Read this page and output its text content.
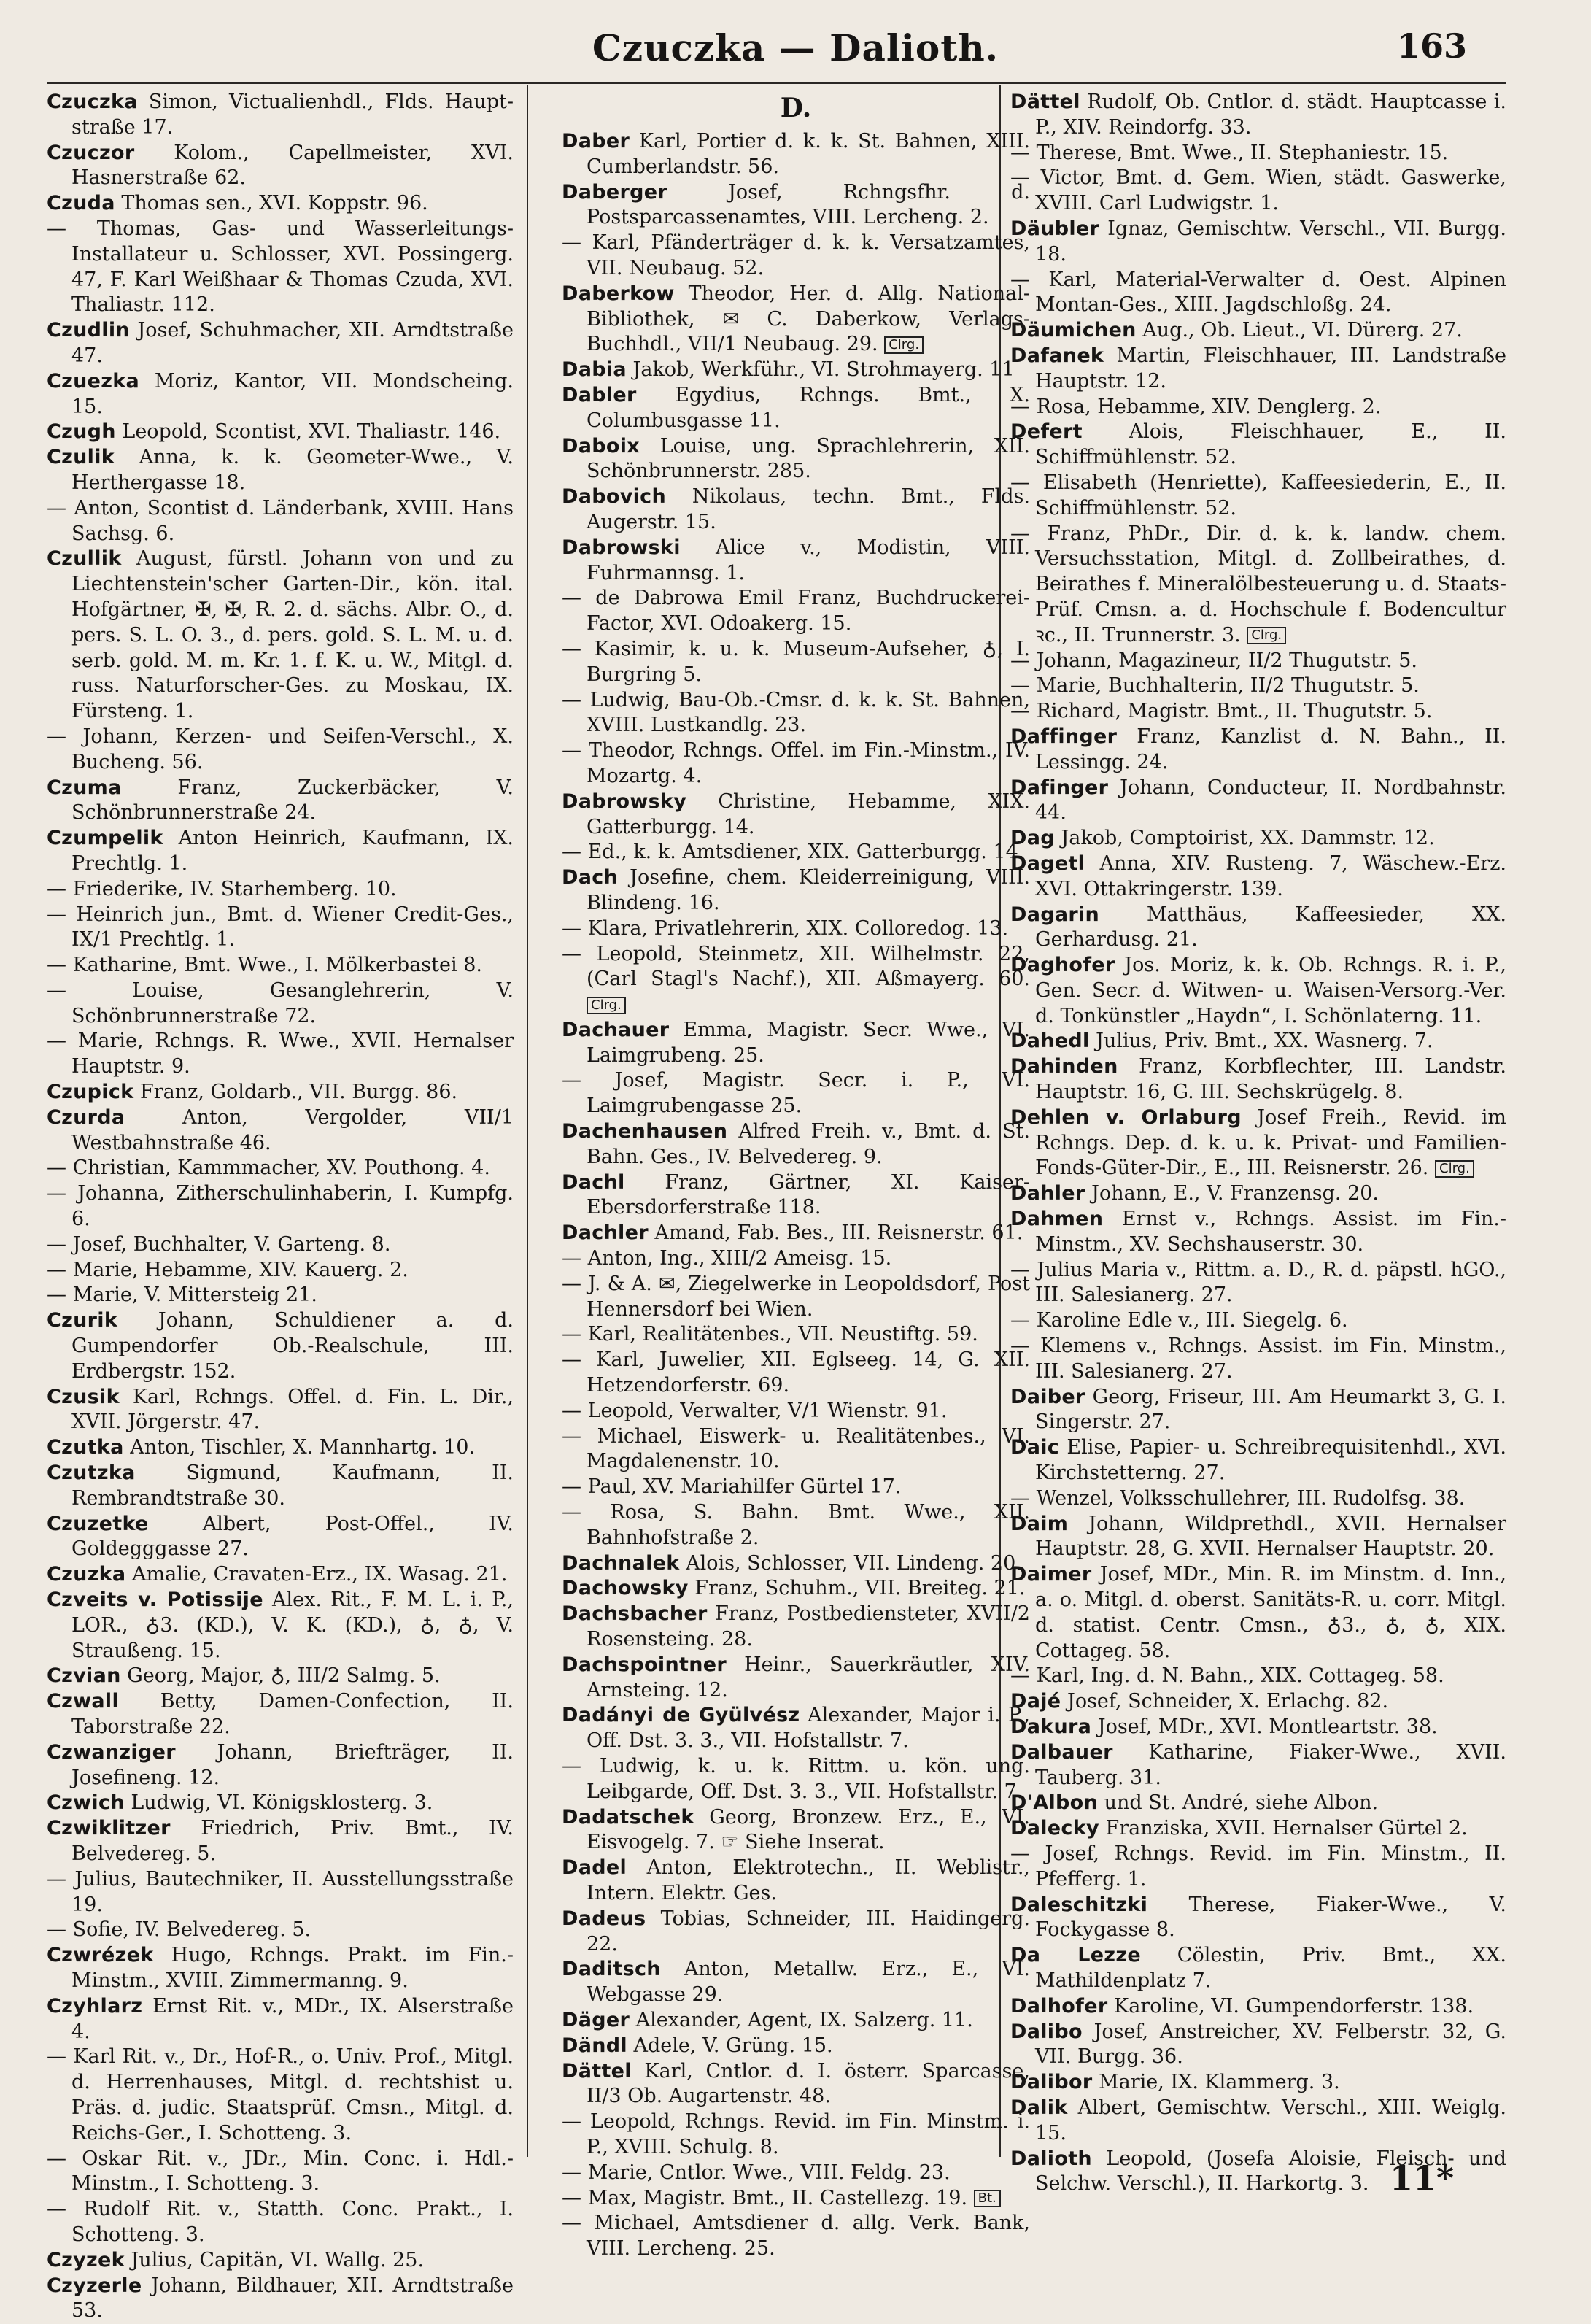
Czuczka — Dalioth.	163
Czuczka Simon, Victualienhdl., Flds. Haupt-straße 17.
Czuczor Kolom., Capellmeister, XVI. Hasnerstraße 62.
Czuda Thomas sen., XVI. Koppstr. 96.
— Thomas, Gas- und Wasserleitungs-Installateur u. Schlosser, XVI. Possingerg. 47, F. Karl Weißhaar & Thomas Czuda, XVI. Thaliastr. 112.
Czudlin Josef, Schuhmacher, XII. Arndtstraße 47.
Czuezka Moriz, Kantor, VII. Mondscheing. 15.
Czugh Leopold, Scontist, XVI. Thaliastr. 146.
Czulik Anna, k. k. Geometer-Wwe., V. Herthergasse 18.
— Anton, Scontist d. Länderbank, XVIII. Hans Sachsg. 6.
Czullik August, fürstl. Johann von und zu Liechtenstein'scher Garten-Dir., kön. ital. Hofgärtner, ✠, ✠, R. 2. d. sächs. Albr. O., d. pers. S. L. O. 3., d. pers. gold. S. L. M. u. d. serb. gold. M. m. Kr. 1. f. K. u. W., Mitgl. d. russ. Naturforscher-Ges. zu Moskau, IX. Fürsteng. 1.
— Johann, Kerzen- und Seifen-Verschl., X. Bucheng. 56.
Czuma Franz, Zuckerbäcker, V. Schönbrunnerstraße 24.
Czumpelik Anton Heinrich, Kaufmann, IX. Prechtlg. 1.
— Friederike, IV. Starhemberg. 10.
— Heinrich jun., Bmt. d. Wiener Credit-Ges., IX/1 Prechtlg. 1.
— Katharine, Bmt. Wwe., I. Mölkerbastei 8.
— Louise, Gesanglehrerin, V. Schönbrunnerstraße 72.
— Marie, Rchngs. R. Wwe., XVII. Hernalser Hauptstr. 9.
Czupick Franz, Goldarb., VII. Burgg. 86.
Czurda Anton, Vergolder, VII/1 Westbahnstraße 46.
— Christian, Kammmacher, XV. Pouthong. 4.
— Johanna, Zitherschulinhaberin, I. Kumpfg. 6.
— Josef, Buchhalter, V. Garteng. 8.
— Marie, Hebamme, XIV. Kauerg. 2.
— Marie, V. Mittersteig 21.
Czurik Johann, Schuldiener a. d. Gumpendorfer Ob.-Realschule, III. Erdbergstr. 152.
Czusik Karl, Rchngs. Offel. d. Fin. L. Dir., XVII. Jörgerstr. 47.
Czutka Anton, Tischler, X. Mannhartg. 10.
Czutzka Sigmund, Kaufmann, II. Rembrandtstraße 30.
Czuzetke Albert, Post-Offel., IV. Goldegggasse 27.
Czuzka Amalie, Cravaten-Erz., IX. Wasag. 21.
Czveits v. Potissije Alex. Rit., F. M. L. i. P., LOR., ♁3. (KD.), V. K. (KD.), ♁, ♁, V. Straußeng. 15.
Czvian Georg, Major, ♁, III/2 Salmg. 5.
Czwall Betty, Damen-Confection, II. Taborstraße 22.
Czwanziger Johann, Briefträger, II. Josefineng. 12.
Czwich Ludwig, VI. Königsklosterg. 3.
Czwiklitzer Friedrich, Priv. Bmt., IV. Belvedereg. 5.
— Julius, Bautechniker, II. Ausstellungsstraße 19.
— Sofie, IV. Belvedereg. 5.
Czwrézek Hugo, Rchngs. Prakt. im Fin.-Minstm., XVIII. Zimmermanng. 9.
Czyhlarz Ernst Rit. v., MDr., IX. Alserstraße 4.
— Karl Rit. v., Dr., Hof-R., o. Univ. Prof., Mitgl. d. Herrenhauses, Mitgl. d. rechtshist u. Präs. d. judic. Staatsprüf. Cmsn., Mitgl. d. Reichs-Ger., I. Schotteng. 3.
— Oskar Rit. v., JDr., Min. Conc. i. Hdl.-Minstm., I. Schotteng. 3.
— Rudolf Rit. v., Statth. Conc. Prakt., I. Schotteng. 3.
Czyzek Julius, Capitän, VI. Wallg. 25.
Czyzerle Johann, Bildhauer, XII. Arndtstraße 53.
D.
Daber Karl, Portier d. k. k. St. Bahnen, XIII. Cumberlandstr. 56.
Daberger Josef, Rchngsfhr. d. Postsparcassenamtes, VIII. Lercheng. 2.
— Karl, Pfänderträger d. k. k. Versatzamtes, VII. Neubaug. 52.
Daberkow Theodor, Her. d. Allg. National-Bibliothek, ✉ C. Daberkow, Verlags-Buchhdl., VII/1 Neubaug. 29. Clrg.
Dabia Jakob, Werkführ., VI. Strohmayerg. 11
Dabler Egydius, Rchngs. Bmt., X. Columbusgasse 11.
Daboix Louise, ung. Sprachlehrerin, XII. Schönbrunnerstr. 285.
Dabovich Nikolaus, techn. Bmt., Flds. Augerstr. 15.
Dabrowski Alice v., Modistin, VIII. Fuhrmannsg. 1.
— de Dabrowa Emil Franz, Buchdruckerei-Factor, XVI. Odoakerg. 15.
— Kasimir, k. u. k. Museum-Aufseher, ♁, I. Burgring 5.
— Ludwig, Bau-Ob.-Cmsr. d. k. k. St. Bahnen, XVIII. Lustkandlg. 23.
— Theodor, Rchngs. Offel. im Fin.-Minstm., IV. Mozartg. 4.
Dabrowsky Christine, Hebamme, XIX. Gatterburgg. 14.
— Ed., k. k. Amtsdiener, XIX. Gatterburgg. 14.
Dach Josefine, chem. Kleiderreinigung, VIII. Blindeng. 16.
— Klara, Privatlehrerin, XIX. Colloredog. 13.
— Leopold, Steinmetz, XII. Wilhelmstr. 22, (Carl Stagl's Nachf.), XII. Aßmayerg. 60. Clrg.
Dachauer Emma, Magistr. Secr. Wwe., VI. Laimgrubeng. 25.
— Josef, Magistr. Secr. i. P., VI. Laimgrubengasse 25.
Dachenhausen Alfred Freih. v., Bmt. d. St. Bahn. Ges., IV. Belvedereg. 9.
Dachl Franz, Gärtner, XI. Kaiser-Ebersdorferstraße 118.
Dachler Amand, Fab. Bes., III. Reisnerstr. 61.
— Anton, Ing., XIII/2 Ameisg. 15.
— J. & A. ✉, Ziegelwerke in Leopoldsdorf, Post Hennersdorf bei Wien.
— Karl, Realitätenbes., VII. Neustiftg. 59.
— Karl, Juwelier, XII. Eglseeg. 14, G. XII. Hetzendorferstr. 69.
— Leopold, Verwalter, V/1 Wienstr. 91.
— Michael, Eiswerk- u. Realitätenbes., VI. Magdalenenstr. 10.
— Paul, XV. Mariahilfer Gürtel 17.
— Rosa, S. Bahn. Bmt. Wwe., XII. Bahnhofstraße 2.
Dachnalek Alois, Schlosser, VII. Lindeng. 20.
Dachowsky Franz, Schuhm., VII. Breiteg. 21.
Dachsbacher Franz, Postbediensteter, XVII/2 Rosensteing. 28.
Dachspointner Heinr., Sauerkräutler, XIV. Arnsteing. 12.
Dadányi de Gyülvész Alexander, Major i. P., Off. Dst. 3. 3., VII. Hofstallstr. 7.
— Ludwig, k. u. k. Rittm. u. kön. ung. Leibgarde, Off. Dst. 3. 3., VII. Hofstallstr. 7.
Dadatschek Georg, Bronzew. Erz., E., VI. Eisvogelg. 7. ☞ Siehe Inserat.
Dadel Anton, Elektrotechn., II. Weblistr., Intern. Elektr. Ges.
Dadeus Tobias, Schneider, III. Haidingerg. 22.
Daditsch Anton, Metallw. Erz., E., VI. Webgasse 29.
Däger Alexander, Agent, IX. Salzerg. 11.
Dändl Adele, V. Grüng. 15.
Dättel Karl, Cntlor. d. I. österr. Sparcasse, II/3 Ob. Augartenstr. 48.
— Leopold, Rchngs. Revid. im Fin. Minstm. i. P., XVIII. Schulg. 8.
— Marie, Cntlor. Wwe., VIII. Feldg. 23.
— Max, Magistr. Bmt., II. Castellezg. 19. Bt.
— Michael, Amtsdiener d. allg. Verk. Bank, VIII. Lercheng. 25.
Dättel Rudolf, Ob. Cntlor. d. städt. Hauptcasse i. P., XIV. Reindorfg. 33.
— Therese, Bmt. Wwe., II. Stephaniestr. 15.
— Victor, Bmt. d. Gem. Wien, städt. Gaswerke, XVIII. Carl Ludwigstr. 1.
Däubler Ignaz, Gemischtw. Verschl., VII. Burgg. 18.
— Karl, Material-Verwalter d. Oest. Alpinen Montan-Ges., XIII. Jagdschloßg. 24.
Däumichen Aug., Ob. Lieut., VI. Dürerg. 27.
Dafanek Martin, Fleischhauer, III. Landstraße Hauptstr. 12.
— Rosa, Hebamme, XIV. Denglerg. 2.
Defert Alois, Fleischhauer, E., II. Schiffmühlenstr. 52.
— Elisabeth (Henriette), Kaffeesiederin, E., II. Schiffmühlenstr. 52.
— Franz, PhDr., Dir. d. k. k. landw. chem. Versuchsstation, Mitgl. d. Zollbeirathes, d. Beirathes f. Mineralölbesteuerung u. d. Staats-Prüf. Cmsn. a. d. Hochschule f. Bodencultur ꝛc., II. Trunnerstr. 3. Clrg.
— Johann, Magazineur, II/2 Thugutstr. 5.
— Marie, Buchhalterin, II/2 Thugutstr. 5.
— Richard, Magistr. Bmt., II. Thugutstr. 5.
Daffinger Franz, Kanzlist d. N. Bahn., II. Lessingg. 24.
Dafinger Johann, Conducteur, II. Nordbahnstr. 44.
Dag Jakob, Comptoirist, XX. Dammstr. 12.
Dagetl Anna, XIV. Rusteng. 7, Wäschew.-Erz. XVI. Ottakringerstr. 139.
Dagarin Matthäus, Kaffeesieder, XX. Gerhardusg. 21.
Daghofer Jos. Moriz, k. k. Ob. Rchngs. R. i. P., Gen. Secr. d. Witwen- u. Waisen-Versorg.-Ver. d. Tonkünstler „Haydn“, I. Schönlaterng. 11.
Dahedl Julius, Priv. Bmt., XX. Wasnerg. 7.
Dahinden Franz, Korbflechter, III. Landstr. Hauptstr. 16, G. III. Sechskrügelg. 8.
Dehlen v. Orlaburg Josef Freih., Revid. im Rchngs. Dep. d. k. u. k. Privat- und Familien-Fonds-Güter-Dir., E., III. Reisnerstr. 26. Clrg.
Dahler Johann, E., V. Franzensg. 20.
Dahmen Ernst v., Rchngs. Assist. im Fin.-Minstm., XV. Sechshauserstr. 30.
— Julius Maria v., Rittm. a. D., R. d. päpstl. hGO., III. Salesianerg. 27.
— Karoline Edle v., III. Siegelg. 6.
— Klemens v., Rchngs. Assist. im Fin. Minstm., III. Salesianerg. 27.
Daiber Georg, Friseur, III. Am Heumarkt 3, G. I. Singerstr. 27.
Daic Elise, Papier- u. Schreibrequisitenhdl., XVI. Kirchstetterng. 27.
— Wenzel, Volksschullehrer, III. Rudolfsg. 38.
Daim Johann, Wildprethdl., XVII. Hernalser Hauptstr. 28, G. XVII. Hernalser Hauptstr. 20.
Daimer Josef, MDr., Min. R. im Minstm. d. Inn., a. o. Mitgl. d. oberst. Sanitäts-R. u. corr. Mitgl. d. statist. Centr. Cmsn., ♁3., ♁, ♁, XIX. Cottageg. 58.
— Karl, Ing. d. N. Bahn., XIX. Cottageg. 58.
Dajé Josef, Schneider, X. Erlachg. 82.
Dakura Josef, MDr., XVI. Montleartstr. 38.
Dalbauer Katharine, Fiaker-Wwe., XVII. Tauberg. 31.
D'Albon und St. André, siehe Albon.
Dalecky Franziska, XVII. Hernalser Gürtel 2.
— Josef, Rchngs. Revid. im Fin. Minstm., II. Pfefferg. 1.
Daleschitzki Therese, Fiaker-Wwe., V. Fockygasse 8.
Da Lezze Cölestin, Priv. Bmt., XX. Mathildenplatz 7.
Dalhofer Karoline, VI. Gumpendorferstr. 138.
Dalibo Josef, Anstreicher, XV. Felberstr. 32, G. VII. Burgg. 36.
Dalibor Marie, IX. Klammerg. 3.
Dalik Albert, Gemischtw. Verschl., XIII. Weiglg. 15.
Dalioth Leopold, (Josefa Aloisie, Fleisch- und Selchw. Verschl.), II. Harkortg. 3. 11*
